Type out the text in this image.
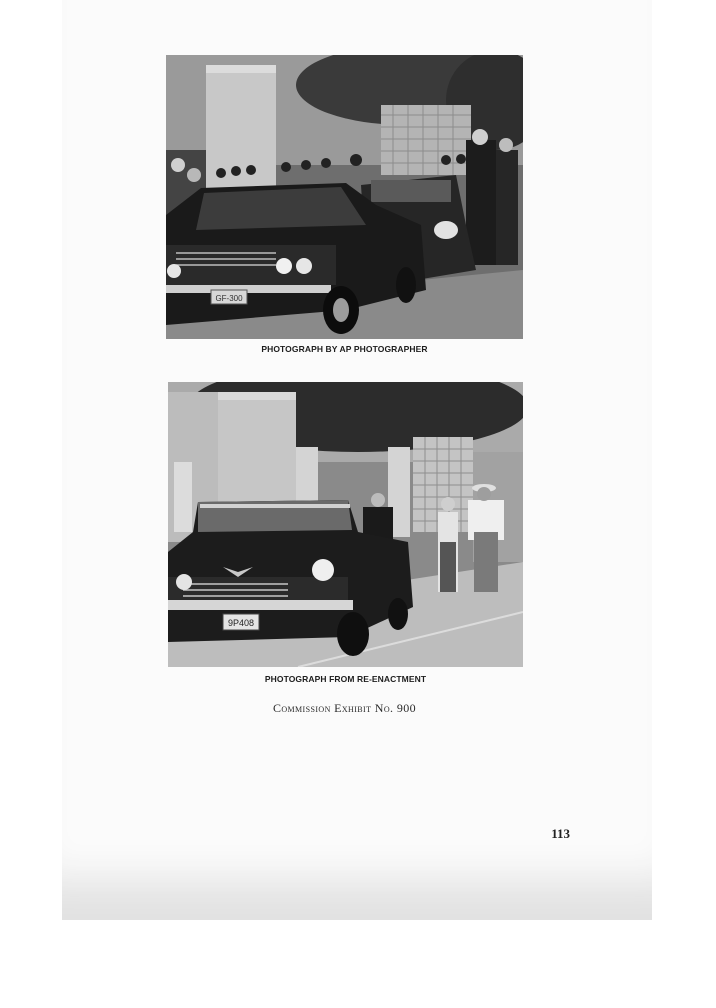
GF-300
PHOTOGRAPH BY AP PHOTOGRAPHER
9P408
PHOTOGRAPH FROM RE-ENACTMENT
Commission Exhibit No. 900
113
